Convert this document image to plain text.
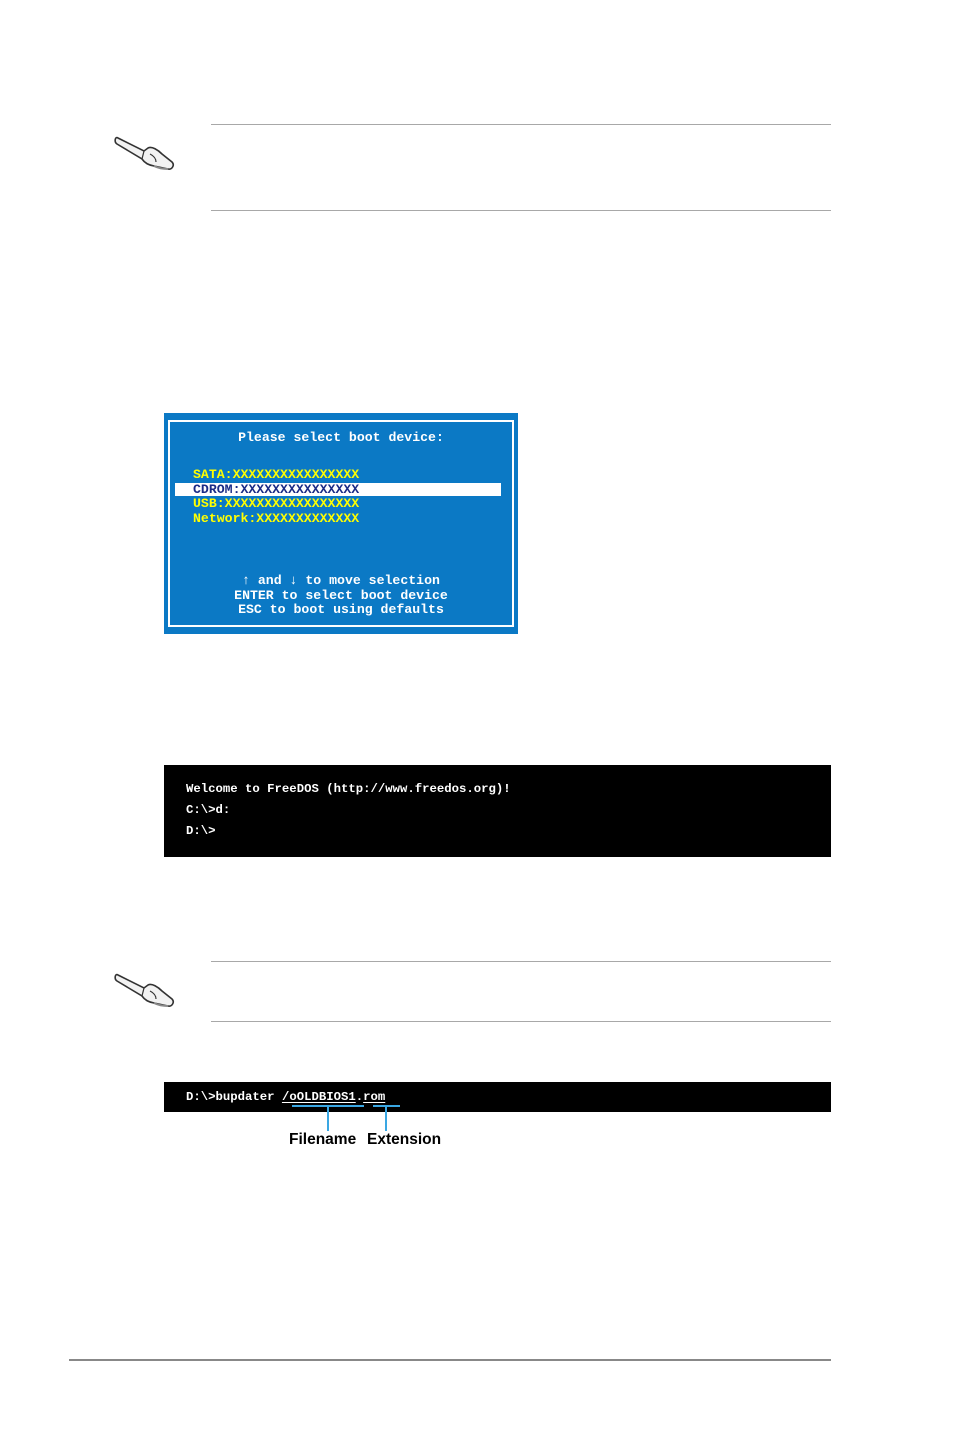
Please select boot device:
SATA:XXXXXXXXXXXXXXXX
CDROM:XXXXXXXXXXXXXXX
USB:XXXXXXXXXXXXXXXXX
Network:XXXXXXXXXXXXX
↑ and ↓ to move selection
ENTER to select boot device
ESC to boot using defaults
Welcome to FreeDOS (http://www.freedos.org)!
C:\>d:
D:\>
D:\>bupdater /oOLDBIOS1.rom
Filename Extension
